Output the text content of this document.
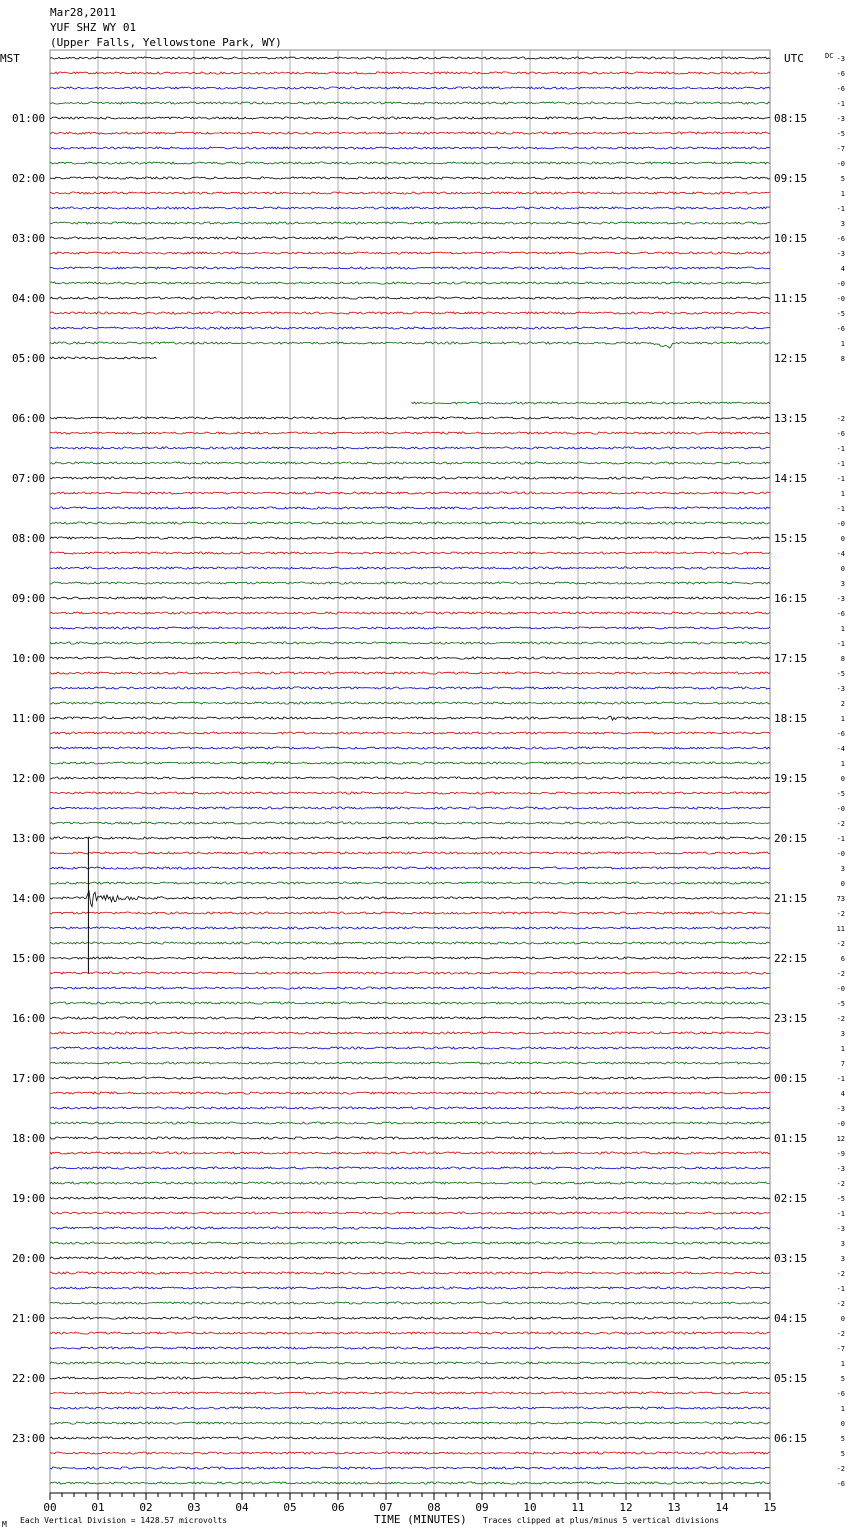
Mar28,2011
YUF SHZ WY 01
(Upper Falls, Yellowstone Park, WY)
MST	UTC	DC
01:00
02:00
03:00
04:00
05:00
06:00
07:00
08:00
09:00
10:00
11:00
12:00
13:00
14:00
15:00
16:00
17:00
18:00
19:00
20:00
21:00
22:00
23:00
08:15
09:15
10:15
11:15
12:15
13:15
14:15
15:15
16:15
17:15
18:15
19:15
20:15
21:15
22:15
23:15
00:15
01:15
02:15
03:15
04:15
05:15
06:15
-3
-6
-6
-1
-3
-5
-7
-0
5
1
-1
3
-6
-3
4
-0
-0
-5
-6
1
8
-2
-6
-1
-1
-1
1
-1
-0
0
-4
0
3
-3
-6
1
-1
8
-5
-3
2
1
-6
-4
1
0
-5
-0
-2
-1
-0
3
0
73
-2
11
-2
6
-2
-0
-5
-2
3
1
7
-1
4
-3
-0
12
-9
-3
-2
-5
-1
-3
3
3
-2
-1
-2
0
-2
-7
1
5
-6
1
0
5
5
-2
-6
00	01	02	03	04	05	06	07	08	09	10	11	12	13	14	15
TIME (MINUTES)
Each Vertical Division = 1428.57 microvolts	Traces clipped at plus/minus 5 vertical divisions
M
